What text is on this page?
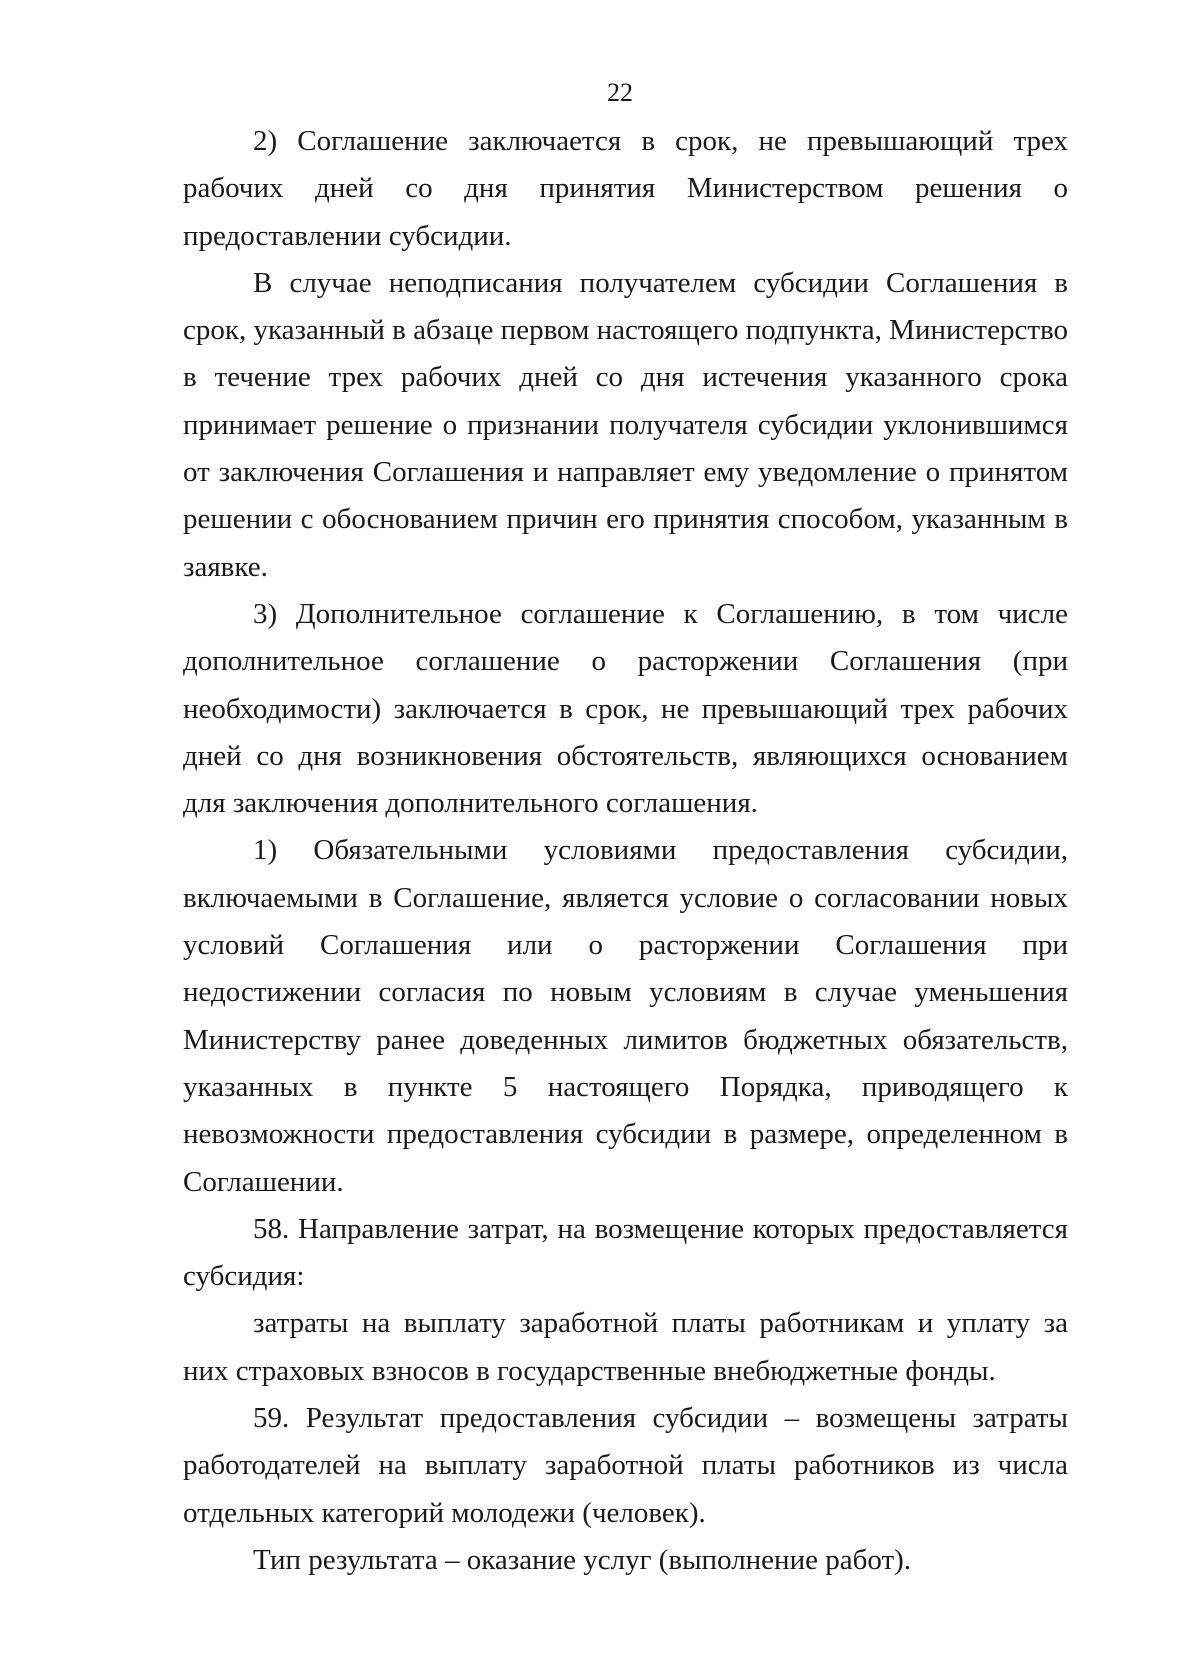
22

2) Соглашение заключается в срок, не превышающий трех рабочих дней со дня принятия Министерством решения о предоставлении субсидии.

В случае неподписания получателем субсидии Соглашения в срок, указанный в абзаце первом настоящего подпункта, Министерство в течение трех рабочих дней со дня истечения указанного срока принимает решение о признании получателя субсидии уклонившимся от заключения Соглашения и направляет ему уведомление о принятом решении с обоснованием причин его принятия способом, указанным в заявке.

3) Дополнительное соглашение к Соглашению, в том числе дополнительное соглашение о расторжении Соглашения (при необходимости) заключается в срок, не превышающий трех рабочих дней со дня возникновения обстоятельств, являющихся основанием для заключения дополнительного соглашения.

1) Обязательными условиями предоставления субсидии, включаемыми в Соглашение, является условие о согласовании новых условий Соглашения или о расторжении Соглашения при недостижении согласия по новым условиям в случае уменьшения Министерству ранее доведенных лимитов бюджетных обязательств, указанных в пункте 5 настоящего Порядка, приводящего к невозможности предоставления субсидии в размере, определенном в Соглашении.

58. Направление затрат, на возмещение которых предоставляется субсидия:

затраты на выплату заработной платы работникам и уплату за них страховых взносов в государственные внебюджетные фонды.

59. Результат предоставления субсидии – возмещены затраты работодателей на выплату заработной платы работников из числа отдельных категорий молодежи (человек).

Тип результата – оказание услуг (выполнение работ).
